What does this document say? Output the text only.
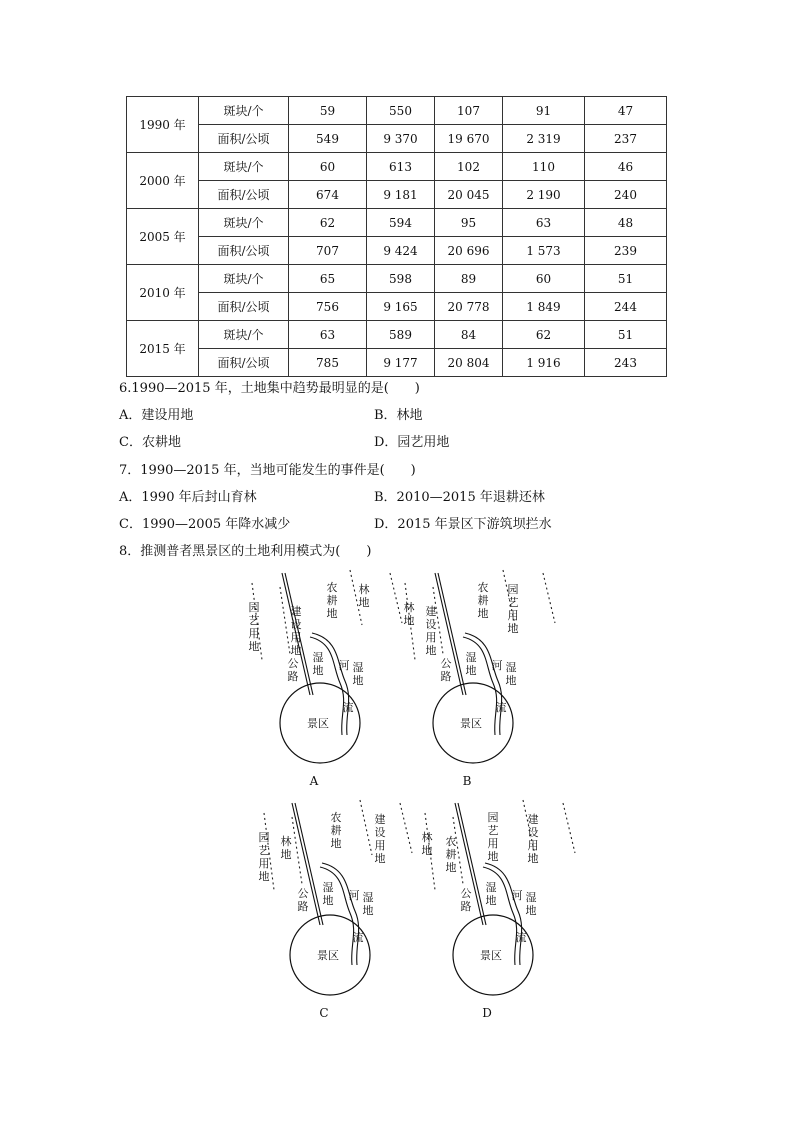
1990 年	斑块/个	59	550	107	91	47
	面积/公顷	549	9 370	19 670	2 319	237
2000 年	斑块/个	60	613	102	110	46
	面积/公顷	674	9 181	20 045	2 190	240
2005 年	斑块/个	62	594	95	63	48
	面积/公顷	707	9 424	20 696	1 573	239
2010 年	斑块/个	65	598	89	60	51
	面积/公顷	756	9 165	20 778	1 849	244
2015 年	斑块/个	63	589	84	62	51
	面积/公顷	785	9 177	20 804	1 916	243
6.1990—2015 年，土地集中趋势最明显的是(　　)
A．建设用地	B．林地
C．农耕地	D．园艺用地
7．1990—2015 年，当地可能发生的事件是(　　)
A．1990 年后封山育林	B．2010—2015 年退耕还林
C．1990—2005 年降水减少	D．2015 年景区下游筑坝拦水
8．推测普者黑景区的土地利用模式为(　　)
景区
公路
湿地	湿地
河
流
园艺用地
建设用地
农耕地
林地
A
景区
公路
湿地	湿地
河
流
林地
建设用地
农耕地
园艺用地
B
景区
公路
湿地	湿地
河
流
园艺用地
林地
农耕地
建设用地
C
景区
公路
湿地	湿地
河
流
林地
农耕地
园艺用地
建设用地
D
